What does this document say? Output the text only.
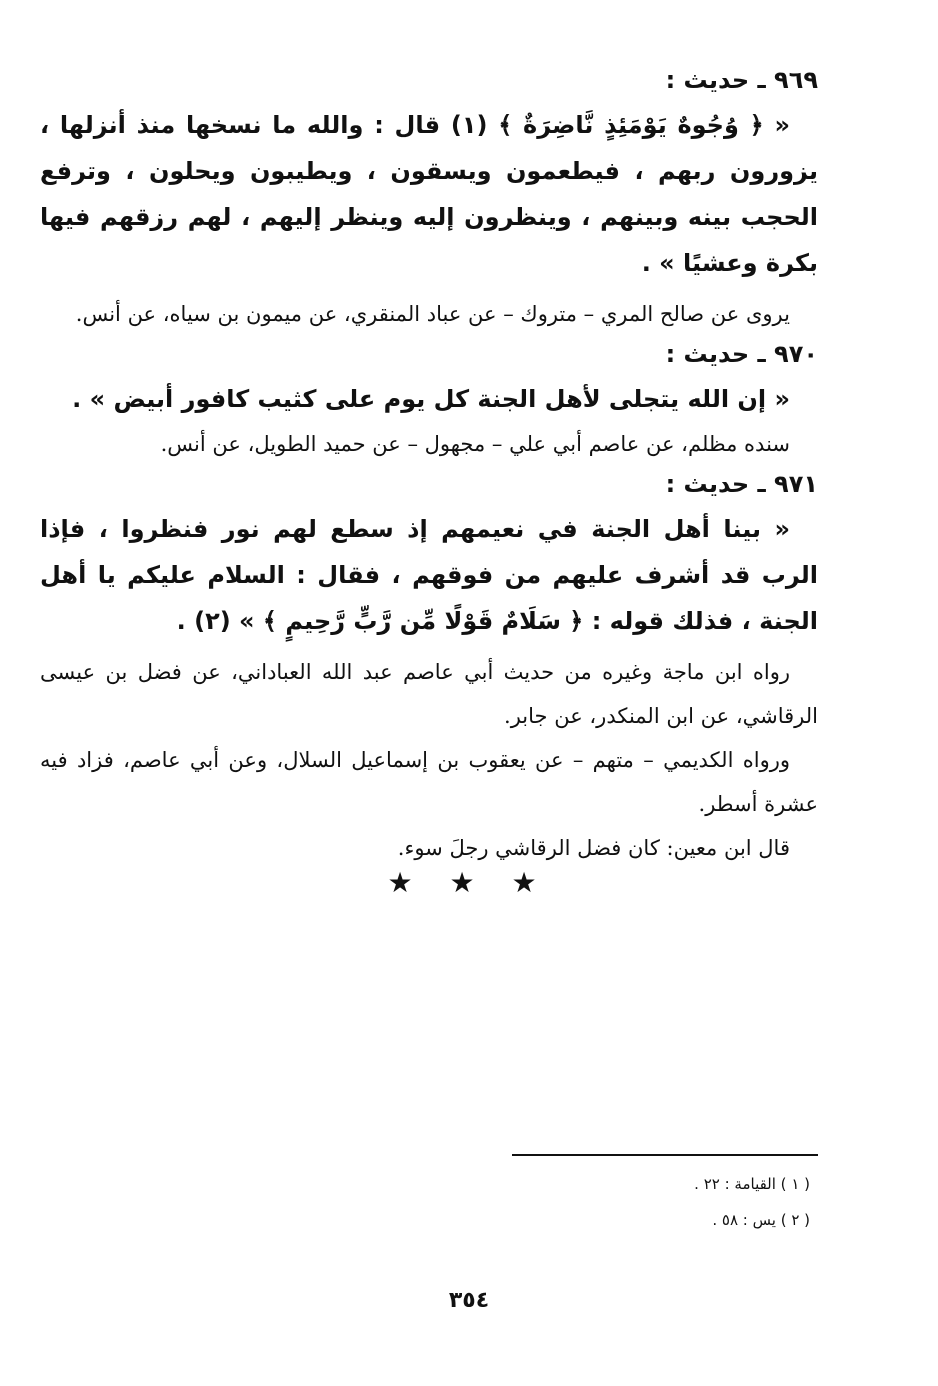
٩٦٩ ـ حديث :

« ﴿ وُجُوهٌ يَوْمَئِذٍ نَّاضِرَةٌ ﴾ (١) قال : والله ما نسخها منذ أنزلها ، يزورون ربهم ، فيطعمون ويسقون ، ويطيبون ويحلون ، وترفع الحجب بينه وبينهم ، وينظرون إليه وينظر إليهم ، لهم رزقهم فيها بكرة وعشيًا » .

يروى عن صالح المري – متروك – عن عباد المنقري، عن ميمون بن سياه، عن أنس.

٩٧٠ ـ حديث :

« إن الله يتجلى لأهل الجنة كل يوم على كثيب كافور أبيض » .

سنده مظلم، عن عاصم أبي علي – مجهول – عن حميد الطويل، عن أنس.

٩٧١ ـ حديث :

« بينا أهل الجنة في نعيمهم إذ سطع لهم نور فنظروا ، فإذا الرب قد أشرف عليهم من فوقهم ، فقال : السلام عليكم يا أهل الجنة ، فذلك قوله : ﴿ سَلَامٌ قَوْلًا مِّن رَّبٍّ رَّحِيمٍ ﴾ » (٢) .

رواه ابن ماجة وغيره من حديث أبي عاصم عبد الله العباداني، عن فضل بن عيسى الرقاشي، عن ابن المنكدر، عن جابر.

ورواه الكديمي – متهم – عن يعقوب بن إسماعيل السلال، وعن أبي عاصم، فزاد فيه عشرة أسطر.

قال ابن معين: كان فضل الرقاشي رجلَ سوء.

★ ★ ★
( ١ ) القيامة : ٢٢ .
( ٢ ) يس : ٥٨ .
٣٥٤
